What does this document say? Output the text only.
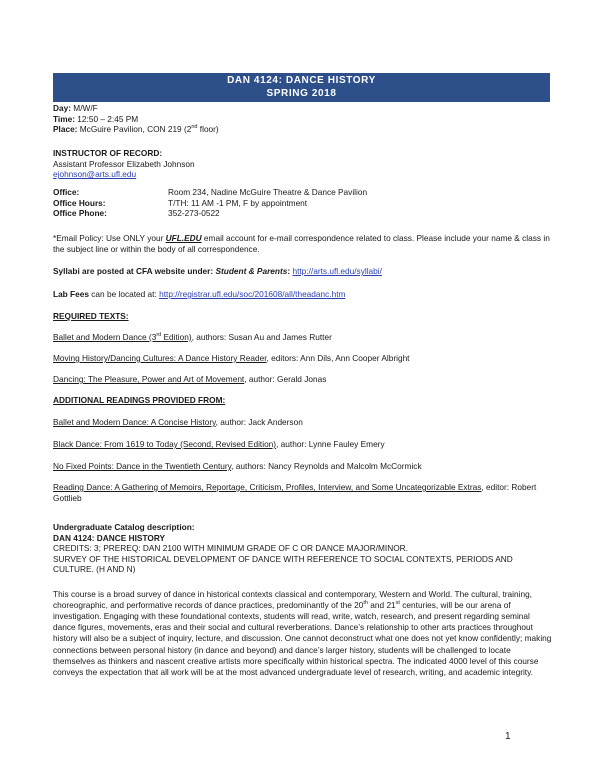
DAN 4124: DANCE HISTORY
SPRING 2018
Day: M/W/F
Time: 12:50 – 2:45 PM
Place: McGuire Pavilion, CON 219 (2nd floor)
INSTRUCTOR OF RECORD:
Assistant Professor Elizabeth Johnson
ejohnson@arts.ufl.edu
Office:	Room 234, Nadine McGuire Theatre & Dance Pavilion
Office Hours:	T/TH: 11 AM -1 PM, F by appointment
Office Phone:	352-273-0522
*Email Policy: Use ONLY your UFL.EDU email account for e-mail correspondence related to class. Please include your name & class in the subject line or within the body of all correspondence.
Syllabi are posted at CFA website under: Student & Parents: http://arts.ufl.edu/syllabi/
Lab Fees can be located at: http://registrar.ufl.edu/soc/201608/all/theadanc.htm
REQUIRED TEXTS:
Ballet and Modern Dance (3rd Edition), authors: Susan Au and James Rutter
Moving History/Dancing Cultures: A Dance History Reader, editors: Ann Dils, Ann Cooper Albright
Dancing: The Pleasure, Power and Art of Movement, author: Gerald Jonas
ADDITIONAL READINGS PROVIDED FROM:
Ballet and Modern Dance: A Concise History, author: Jack Anderson
Black Dance: From 1619 to Today (Second, Revised Edition), author: Lynne Fauley Emery
No Fixed Points: Dance in the Twentieth Century, authors: Nancy Reynolds and Malcolm McCormick
Reading Dance: A Gathering of Memoirs, Reportage, Criticism, Profiles, Interview, and Some Uncategorizable Extras, editor: Robert Gottlieb
Undergraduate Catalog description:
DAN 4124: DANCE HISTORY
CREDITS: 3; PREREQ: DAN 2100 WITH MINIMUM GRADE OF C OR DANCE MAJOR/MINOR.
SURVEY OF THE HISTORICAL DEVELOPMENT OF DANCE WITH REFERENCE TO SOCIAL CONTEXTS, PERIODS AND CULTURE. (H AND N)
This course is a broad survey of dance in historical contexts classical and contemporary, Western and World. The cultural, training, choreographic, and performative records of dance practices, predominantly of the 20th and 21st centuries, will be our arena of investigation. Engaging with these foundational contexts, students will read, write, watch, research, and present regarding seminal dance figures, movements, eras and their social and cultural reverberations. Dance’s relationship to other arts practices throughout history will also be a subject of inquiry, lecture, and discussion. One cannot deconstruct what one does not yet know confidently; making connections between personal history (in dance and beyond) and dance’s larger history, students will be challenged to locate themselves as thinkers and nascent creative artists more specifically within historical spectra. The indicated 4000 level of this course conveys the expectation that all work will be at the most advanced undergraduate level of research, writing, and academic integrity.
1
